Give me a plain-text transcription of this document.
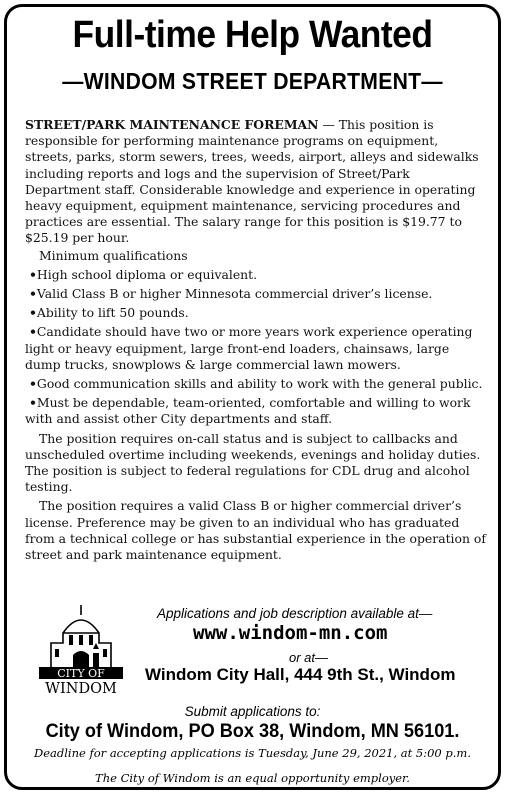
Full-time Help Wanted
—WINDOM STREET DEPARTMENT—

STREET/PARK MAINTENANCE FOREMAN — This position is responsible for performing maintenance programs on equipment, streets, parks, storm sewers, trees, weeds, airport, alleys and sidewalks including reports and logs and the supervision of Street/Park Department staff. Considerable knowledge and experience in operating heavy equipment, equipment maintenance, servicing procedures and practices are essential. The salary range for this position is $19.77 to $25.19 per hour.

Minimum qualifications

•High school diploma or equivalent.

•Valid Class B or higher Minnesota commercial driver’s license.

•Ability to lift 50 pounds.

•Candidate should have two or more years work experience operating light or heavy equipment, large front-end loaders, chainsaws, large dump trucks, snowplows & large commercial lawn mowers.

•Good communication skills and ability to work with the general public.

•Must be dependable, team-oriented, comfortable and willing to work with and assist other City departments and staff.

The position requires on-call status and is subject to callbacks and unscheduled overtime including weekends, evenings and holiday duties. The position is subject to federal regulations for CDL drug and alcohol testing.

The position requires a valid Class B or higher commercial driver’s license. Preference may be given to an individual who has graduated from a technical college or has substantial experience in the operation of street and park maintenance equipment.

CITY OF
WINDOM
Applications and job description available at—
www.windom-mn.com
or at—
Windom City Hall, 444 9th St., Windom
Submit applications to:
City of Windom, PO Box 38, Windom, MN 56101.
Deadline for accepting applications is Tuesday, June 29, 2021, at 5:00 p.m.
The City of Windom is an equal opportunity employer.
